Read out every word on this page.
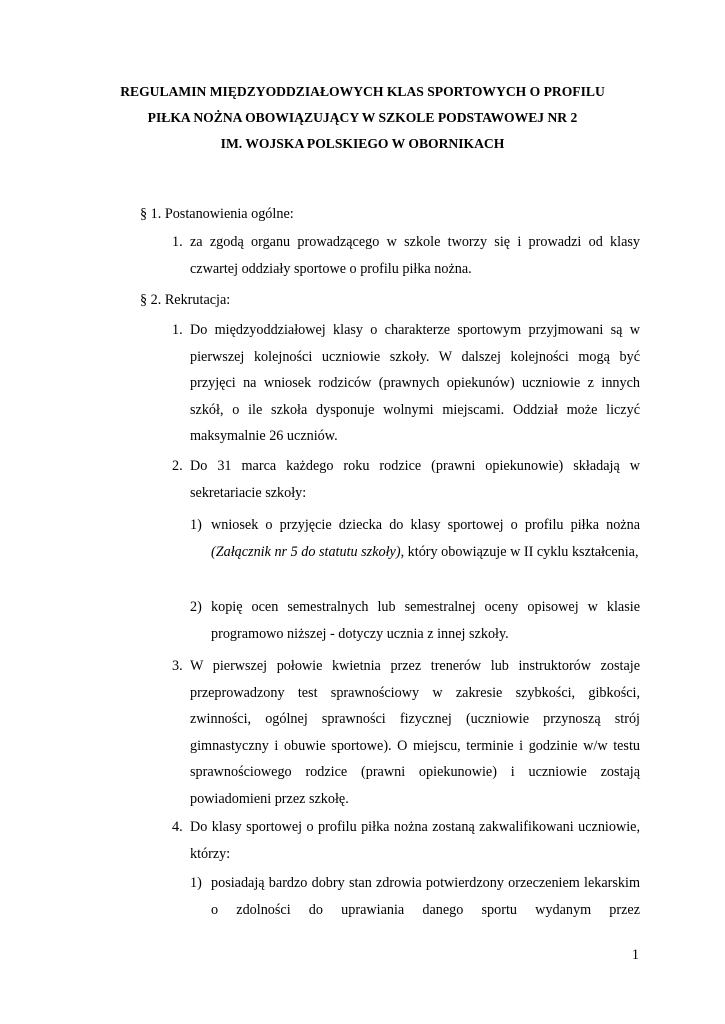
REGULAMIN MIĘDZYODDZIAŁOWYCH KLAS SPORTOWYCH O PROFILU
PIŁKA NOŻNA OBOWIĄZUJĄCY W SZKOLE PODSTAWOWEJ NR 2
IM. WOJSKA POLSKIEGO W OBORNIKACH
§ 1. Postanowienia ogólne:
1. za zgodą organu prowadzącego w szkole tworzy się i prowadzi od klasy czwartej oddziały sportowe o profilu piłka nożna.
§ 2. Rekrutacja:
1. Do międzyoddziałowej klasy o charakterze sportowym przyjmowani są w pierwszej kolejności uczniowie szkoły. W dalszej kolejności mogą być przyjęci na wniosek rodziców (prawnych opiekunów) uczniowie z innych szkół, o ile szkoła dysponuje wolnymi miejscami. Oddział może liczyć maksymalnie 26 uczniów.
2. Do 31 marca każdego roku rodzice (prawni opiekunowie) składają w sekretariacie szkoły:
1) wniosek o przyjęcie dziecka do klasy sportowej o profilu piłka nożna (Załącznik nr 5 do statutu szkoły), który obowiązuje w II cyklu kształcenia,
2) kopię ocen semestralnych lub semestralnej oceny opisowej w klasie programowo niższej - dotyczy ucznia z innej szkoły.
3. W pierwszej połowie kwietnia przez trenerów lub instruktorów zostaje przeprowadzony test sprawnościowy w zakresie szybkości, gibkości, zwinności, ogólnej sprawności fizycznej (uczniowie przynoszą strój gimnastyczny i obuwie sportowe). O miejscu, terminie i godzinie w/w testu sprawnościowego rodzice (prawni opiekunowie) i uczniowie zostają powiadomieni przez szkołę.
4. Do klasy sportowej o profilu piłka nożna zostaną zakwalifikowani uczniowie, którzy:
1) posiadają bardzo dobry stan zdrowia potwierdzony orzeczeniem lekarskim o zdolności do uprawiania danego sportu wydanym przez
1
